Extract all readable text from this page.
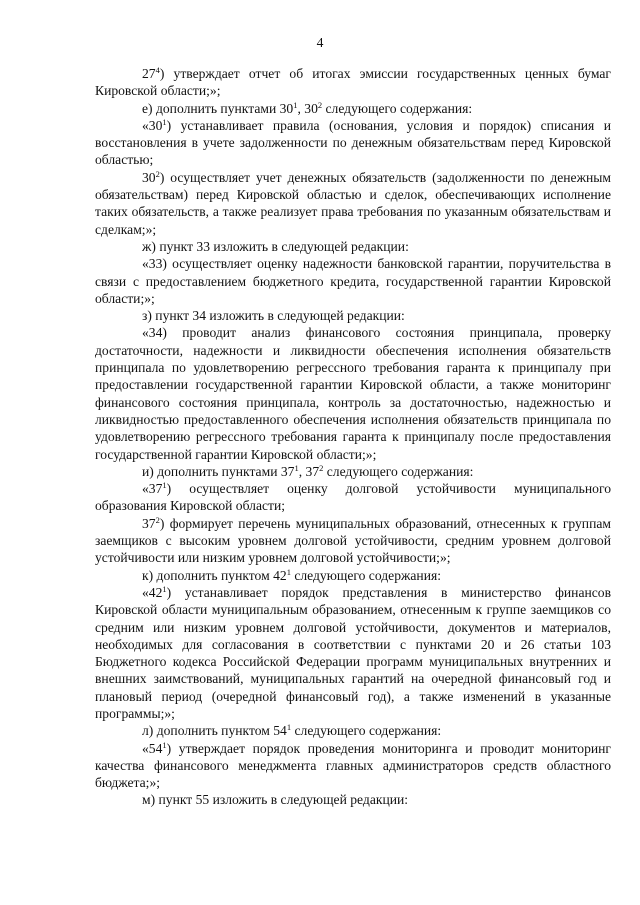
4

$27^4$) утверждает отчет об итогах эмиссии государственных ценных бумаг Кировской области;»;

е) дополнить пунктами $30^1$, $30^2$ следующего содержания:

«$30^1$) устанавливает правила (основания, условия и порядок) списания и восстановления в учете задолженности по денежным обязательствам перед Кировской областью;

$30^2$) осуществляет учет денежных обязательств (задолженности по денежным обязательствам) перед Кировской областью и сделок, обеспечивающих исполнение таких обязательств, а также реализует права требования по указанным обязательствам и сделкам;»;

ж) пункт 33 изложить в следующей редакции:

«33) осуществляет оценку надежности банковской гарантии, поручительства в связи с предоставлением бюджетного кредита, государственной гарантии Кировской области;»;

з) пункт 34 изложить в следующей редакции:

«34) проводит анализ финансового состояния принципала, проверку достаточности, надежности и ликвидности обеспечения исполнения обязательств принципала по удовлетворению регрессного требования гаранта к принципалу при предоставлении государственной гарантии Кировской области, а также мониторинг финансового состояния принципала, контроль за достаточностью, надежностью и ликвидностью предоставленного обеспечения исполнения обязательств принципала по удовлетворению регрессного требования гаранта к принципалу после предоставления государственной гарантии Кировской области;»;

и) дополнить пунктами $37^1$, $37^2$ следующего содержания:

«$37^1$) осуществляет оценку долговой устойчивости муниципального образования Кировской области;

$37^2$) формирует перечень муниципальных образований, отнесенных к группам заемщиков с высоким уровнем долговой устойчивости, средним уровнем долговой устойчивости или низким уровнем долговой устойчивости;»;

к) дополнить пунктом $42^1$ следующего содержания:

«$42^1$) устанавливает порядок представления в министерство финансов Кировской области муниципальным образованием, отнесенным к группе заемщиков со средним или низким уровнем долговой устойчивости, документов и материалов, необходимых для согласования в соответствии с пунктами 20 и 26 статьи 103 Бюджетного кодекса Российской Федерации программ муниципальных внутренних и внешних заимствований, муниципальных гарантий на очередной финансовый год и плановый период (очередной финансовый год), а также изменений в указанные программы;»;

л) дополнить пунктом $54^1$ следующего содержания:

«$54^1$) утверждает порядок проведения мониторинга и проводит мониторинг качества финансового менеджмента главных администраторов средств областного бюджета;»;

м) пункт 55 изложить в следующей редакции:
